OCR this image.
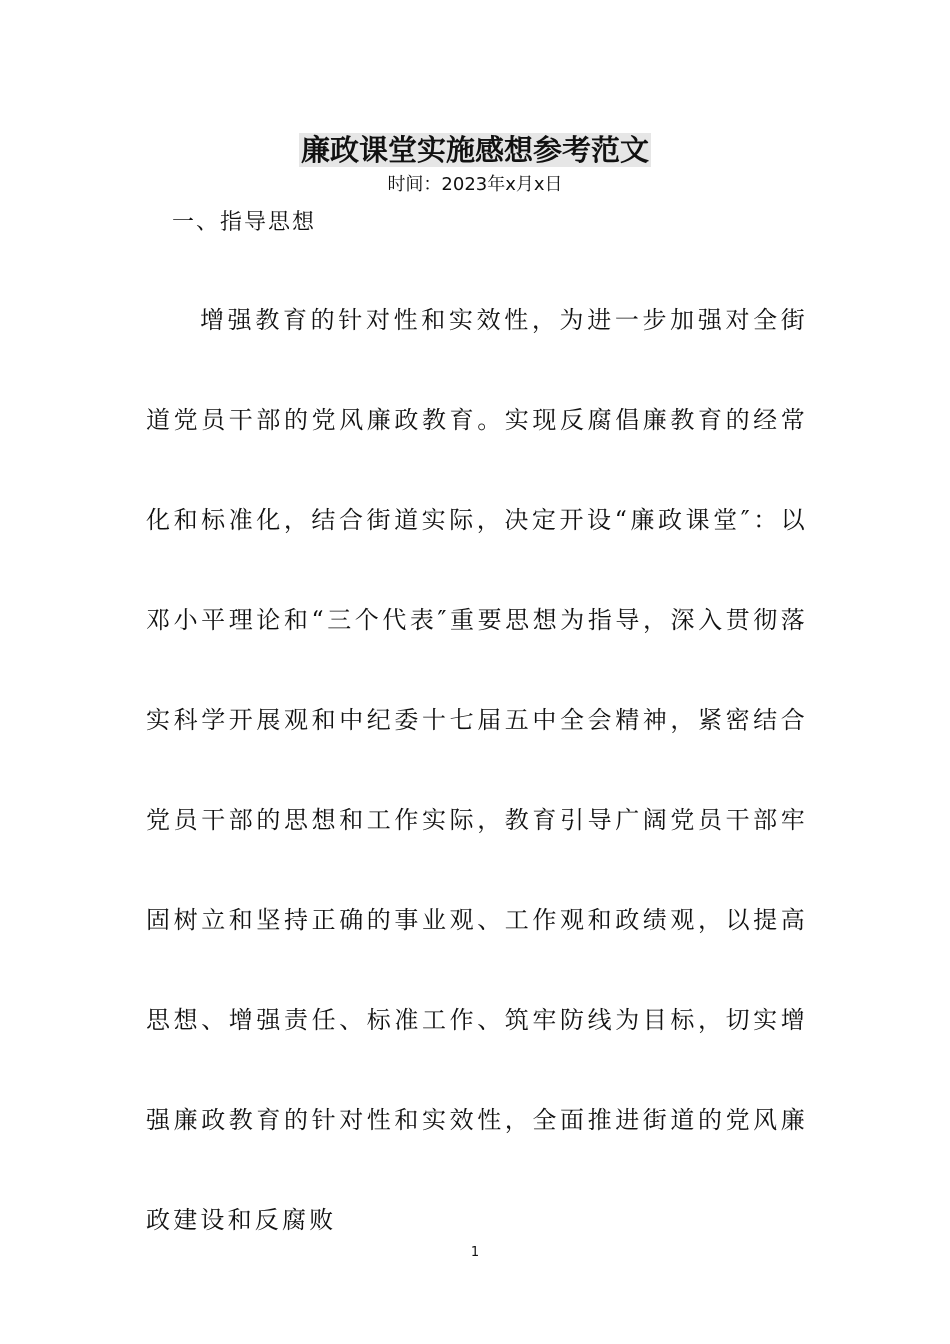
廉政课堂实施感想参考范文
时间：2023年x月x日
一、指导思想

增强教育的针对性和实效性，为进一步加强对全街道党员干部的党风廉政教育。实现反腐倡廉教育的经常化和标准化，结合街道实际，决定开设“廉政课堂″：以邓小平理论和“三个代表″重要思想为指导，深入贯彻落实科学开展观和中纪委十七届五中全会精神，紧密结合党员干部的思想和工作实际，教育引导广阔党员干部牢固树立和坚持正确的事业观、工作观和政绩观，以提高思想、增强责任、标准工作、筑牢防线为目标，切实增强廉政教育的针对性和实效性，全面推进街道的党风廉政建设和反腐败

1
